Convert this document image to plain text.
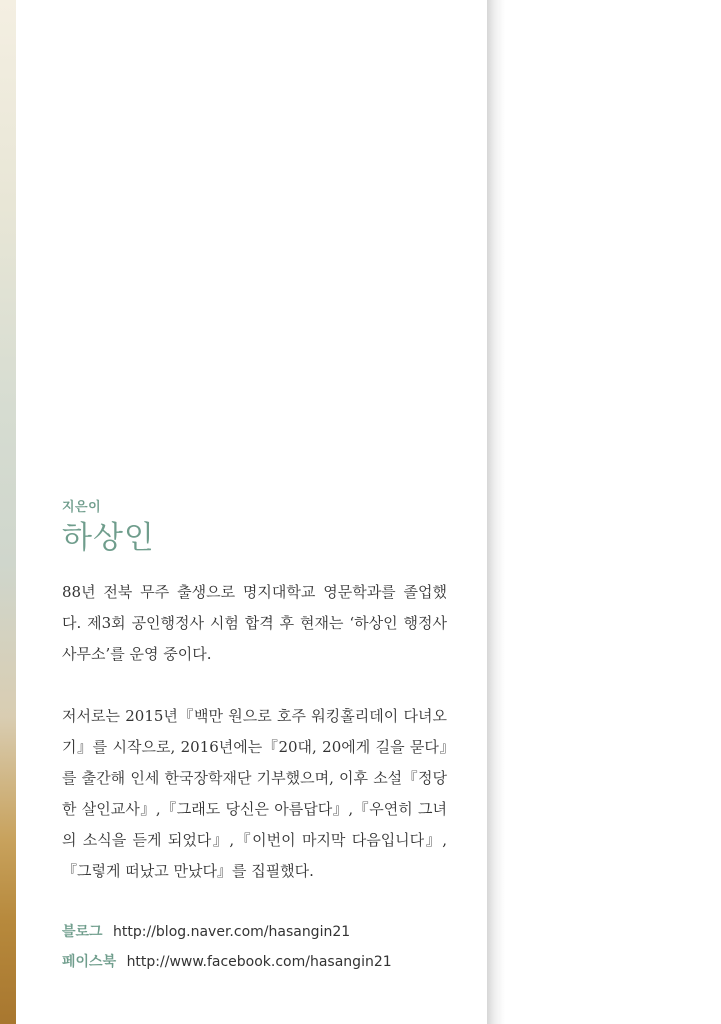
지은이
하상인

88년 전북 무주 출생으로 명지대학교 영문학과를 졸업했다. 제3회 공인행정사 시험 합격 후 현재는 ‘하상인 행정사 사무소’를 운영 중이다.

저서로는 2015년『백만 원으로 호주 워킹홀리데이 다녀오기』를 시작으로, 2016년에는『20대, 20에게 길을 묻다』를 출간해 인세 한국장학재단 기부했으며, 이후 소설『정당한 살인교사』,『그래도 당신은 아름답다』,『우연히 그녀의 소식을 듣게 되었다』,『이번이 마지막 다음입니다』,『그렇게 떠났고 만났다』를 집필했다.

블로그 http://blog.naver.com/hasangin21
페이스북 http://www.facebook.com/hasangin21
